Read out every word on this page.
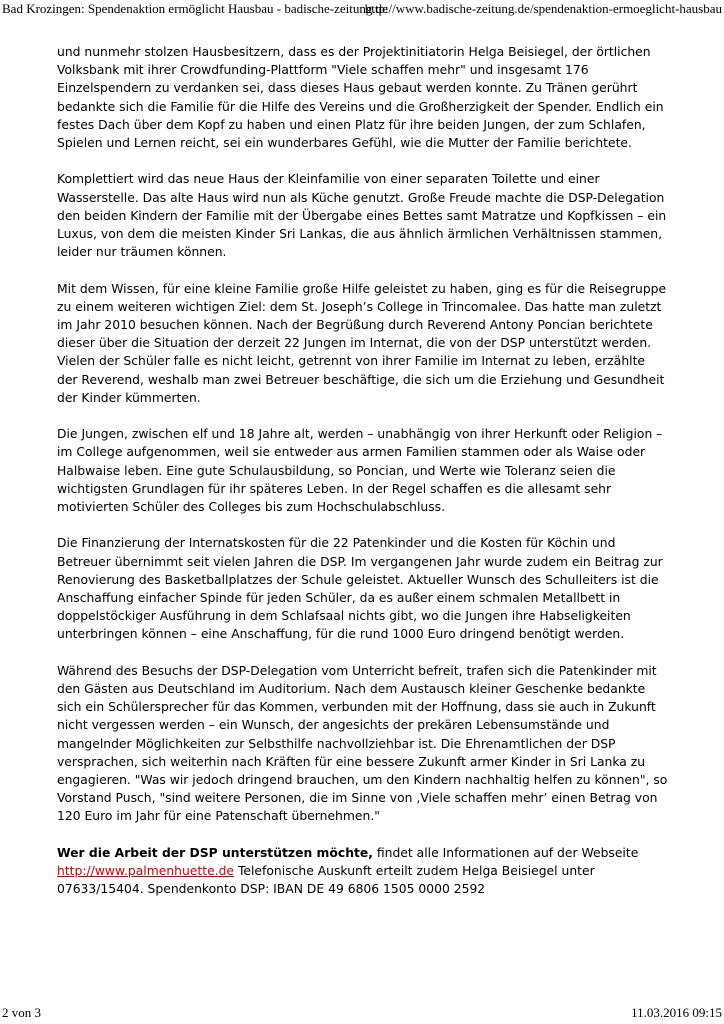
Bad Krozingen: Spendenaktion ermöglicht Hausbau - badische-zeitung.de
http://www.badische-zeitung.de/spendenaktion-ermoeglicht-hausbau

und nunmehr stolzen Hausbesitzern, dass es der Projektinitiatorin Helga Beisiegel, der örtlichen Volksbank mit ihrer Crowdfunding-Plattform "Viele schaffen mehr" und insgesamt 176 Einzelspendern zu verdanken sei, dass dieses Haus gebaut werden konnte. Zu Tränen gerührt bedankte sich die Familie für die Hilfe des Vereins und die Großherzigkeit der Spender. Endlich ein festes Dach über dem Kopf zu haben und einen Platz für ihre beiden Jungen, der zum Schlafen, Spielen und Lernen reicht, sei ein wunderbares Gefühl, wie die Mutter der Familie berichtete.

Komplettiert wird das neue Haus der Kleinfamilie von einer separaten Toilette und einer Wasserstelle. Das alte Haus wird nun als Küche genutzt. Große Freude machte die DSP-Delegation den beiden Kindern der Familie mit der Übergabe eines Bettes samt Matratze und Kopfkissen – ein Luxus, von dem die meisten Kinder Sri Lankas, die aus ähnlich ärmlichen Verhältnissen stammen, leider nur träumen können.

Mit dem Wissen, für eine kleine Familie große Hilfe geleistet zu haben, ging es für die Reisegruppe zu einem weiteren wichtigen Ziel: dem St. Joseph’s College in Trincomalee. Das hatte man zuletzt im Jahr 2010 besuchen können. Nach der Begrüßung durch Reverend Antony Poncian berichtete dieser über die Situation der derzeit 22 Jungen im Internat, die von der DSP unterstützt werden. Vielen der Schüler falle es nicht leicht, getrennt von ihrer Familie im Internat zu leben, erzählte der Reverend, weshalb man zwei Betreuer beschäftige, die sich um die Erziehung und Gesundheit der Kinder kümmerten.

Die Jungen, zwischen elf und 18 Jahre alt, werden – unabhängig von ihrer Herkunft oder Religion – im College aufgenommen, weil sie entweder aus armen Familien stammen oder als Waise oder Halbwaise leben. Eine gute Schulausbildung, so Poncian, und Werte wie Toleranz seien die wichtigsten Grundlagen für ihr späteres Leben. In der Regel schaffen es die allesamt sehr motivierten Schüler des Colleges bis zum Hochschulabschluss.

Die Finanzierung der Internatskosten für die 22 Patenkinder und die Kosten für Köchin und Betreuer übernimmt seit vielen Jahren die DSP. Im vergangenen Jahr wurde zudem ein Beitrag zur Renovierung des Basketballplatzes der Schule geleistet. Aktueller Wunsch des Schulleiters ist die Anschaffung einfacher Spinde für jeden Schüler, da es außer einem schmalen Metallbett in doppelstöckiger Ausführung in dem Schlafsaal nichts gibt, wo die Jungen ihre Habseligkeiten unterbringen können – eine Anschaffung, für die rund 1000 Euro dringend benötigt werden.

Während des Besuchs der DSP-Delegation vom Unterricht befreit, trafen sich die Patenkinder mit den Gästen aus Deutschland im Auditorium. Nach dem Austausch kleiner Geschenke bedankte sich ein Schülersprecher für das Kommen, verbunden mit der Hoffnung, dass sie auch in Zukunft nicht vergessen werden – ein Wunsch, der angesichts der prekären Lebensumstände und mangelnder Möglichkeiten zur Selbsthilfe nachvollziehbar ist. Die Ehrenamtlichen der DSP versprachen, sich weiterhin nach Kräften für eine bessere Zukunft armer Kinder in Sri Lanka zu engagieren. "Was wir jedoch dringend brauchen, um den Kindern nachhaltig helfen zu können", so Vorstand Pusch, "sind weitere Personen, die im Sinne von ‚Viele schaffen mehr’ einen Betrag von 120 Euro im Jahr für eine Patenschaft übernehmen."

Wer die Arbeit der DSP unterstützen möchte, findet alle Informationen auf der Webseite http://www.palmenhuette.de Telefonische Auskunft erteilt zudem Helga Beisiegel unter07633/15404. Spendenkonto DSP: IBAN DE 49 6806 1505 0000 2592

2 von 3	11.03.2016 09:15
